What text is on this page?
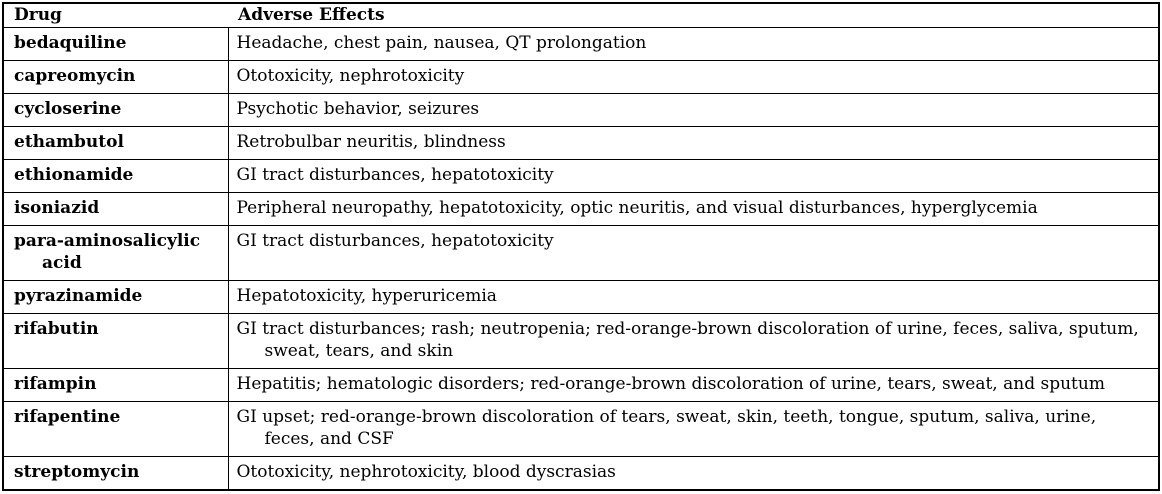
Drug	Adverse Effects
bedaquiline	Headache, chest pain, nausea, QT prolongation
capreomycin	Ototoxicity, nephrotoxicity
cycloserine	Psychotic behavior, seizures
ethambutol	Retrobulbar neuritis, blindness
ethionamide	GI tract disturbances, hepatotoxicity
isoniazid	Peripheral neuropathy, hepatotoxicity, optic neuritis, and visual disturbances, hyperglycemia
para-aminosalicylic acid	GI tract disturbances, hepatotoxicity
pyrazinamide	Hepatotoxicity, hyperuricemia
rifabutin	GI tract disturbances; rash; neutropenia; red-orange-brown discoloration of urine, feces, saliva, sputum, sweat, tears, and skin
rifampin	Hepatitis; hematologic disorders; red-orange-brown discoloration of urine, tears, sweat, and sputum
rifapentine	GI upset; red-orange-brown discoloration of tears, sweat, skin, teeth, tongue, sputum, saliva, urine, feces, and CSF
streptomycin	Ototoxicity, nephrotoxicity, blood dyscrasias
